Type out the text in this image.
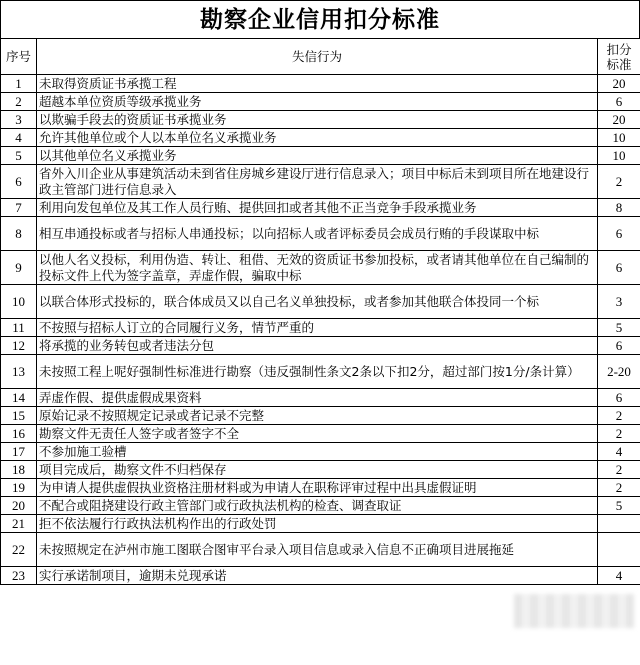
勘察企业信用扣分标准
序号	失信行为	扣分标准
1	未取得资质证书承揽工程	20
2	超越本单位资质等级承揽业务	6
3	以欺骗手段去的资质证书承揽业务	20
4	允许其他单位或个人以本单位名义承揽业务	10
5	以其他单位名义承揽业务	10
6	省外入川企业从事建筑活动未到省住房城乡建设厅进行信息录入；项目中标后未到项目所在地建设行政主管部门进行信息录入	2
7	利用向发包单位及其工作人员行贿、提供回扣或者其他不正当竞争手段承揽业务	8
8	相互串通投标或者与招标人串通投标；以向招标人或者评标委员会成员行贿的手段谋取中标	6
9	以他人名义投标，利用伪造、转让、租借、无效的资质证书参加投标，或者请其他单位在自己编制的投标文件上代为签字盖章，弄虚作假，骗取中标	6
10	以联合体形式投标的，联合体成员又以自己名义单独投标，或者参加其他联合体投同一个标	3
11	不按照与招标人订立的合同履行义务，情节严重的	5
12	将承揽的业务转包或者违法分包	6
13	未按照工程上呢好强制性标准进行勘察（违反强制性条文2条以下扣2分，超过部门按1分/条计算）	2-20
14	弄虚作假、提供虚假成果资料	6
15	原始记录不按照规定记录或者记录不完整	2
16	勘察文件无责任人签字或者签字不全	2
17	不参加施工验槽	4
18	项目完成后，勘察文件不归档保存	2
19	为申请人提供虚假执业资格注册材料或为申请人在职称评审过程中出具虚假证明	2
20	不配合或阻挠建设行政主管部门或行政执法机构的检查、调查取证	5
21	拒不依法履行行政执法机构作出的行政处罚	
22	未按照规定在泸州市施工图联合图审平台录入项目信息或录入信息不正确项目进展拖延	
23	实行承诺制项目，逾期未兑现承诺	4
